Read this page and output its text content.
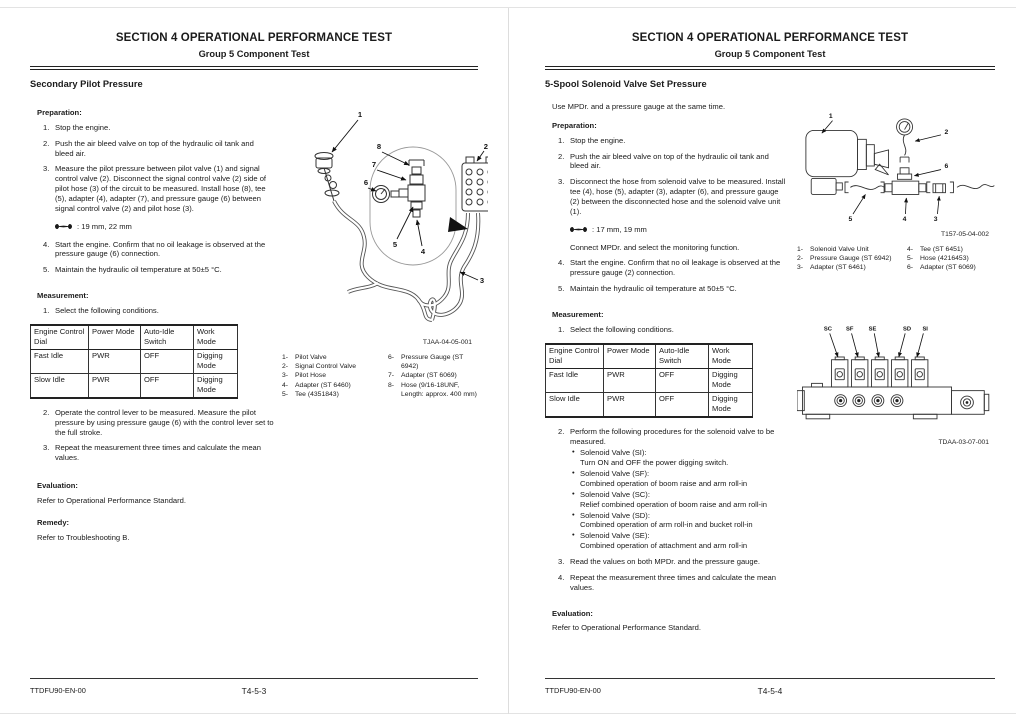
SECTION 4 OPERATIONAL PERFORMANCE TEST
Group 5 Component Test
Secondary Pilot Pressure
Preparation:
Stop the engine.
Push the air bleed valve on top of the hydraulic oil tank and bleed air.
Measure the pilot pressure between pilot valve (1) and signal control valve (2). Disconnect the signal control valve (2) side of pilot hose (3) of the circuit to be measured. Install hose (8), tee (5), adapter (4), adapter (7), and pressure gauge (6) between signal control valve (2) and pilot hose (3).
: 19 mm, 22 mm
Start the engine. Confirm that no oil leakage is observed at the pressure gauge (6) connection.
Maintain the hydraulic oil temperature at 50±5 °C.
Measurement:
Select the following conditions.
Engine Control Dial	Power Mode	Auto-Idle Switch	Work Mode
Fast Idle	PWR	OFF	Digging Mode
Slow Idle	PWR	OFF	Digging Mode
Operate the control lever to be measured. Measure the pilot pressure by using pressure gauge (6) with the control lever set to the full stroke.
Repeat the measurement three times and calculate the mean values.
Evaluation:
Refer to Operational Performance Standard.
Remedy:
Refer to Troubleshooting B.
1
8
7
6
2
5
4
3
TJAA-04-05-001
1-	Pilot Valve
2-	Signal Control Valve
3-	Pilot Hose
4-	Adapter (ST 6460)
5-	Tee (4351843)
6-	Pressure Gauge (ST 6942)
7-	Adapter (ST 6069)
8-	Hose (9/16-18UNF, Length: approx. 400 mm)
TTDFU90-EN-00	T4-5-3
SECTION 4 OPERATIONAL PERFORMANCE TEST
Group 5 Component Test
5-Spool Solenoid Valve Set Pressure
Use MPDr. and a pressure gauge at the same time.
Preparation:
Stop the engine.
Push the air bleed valve on top of the hydraulic oil tank and bleed air.
Disconnect the hose from solenoid valve to be measured. Install tee (4), hose (5), adapter (3), adapter (6), and pressure gauge (2) between the disconnected hose and the solenoid valve unit (1).
: 17 mm, 19 mm
Connect MPDr. and select the monitoring function.
Start the engine. Confirm that no oil leakage is observed at the pressure gauge (2) connection.
Maintain the hydraulic oil temperature at 50±5 °C.
Measurement:
Select the following conditions.
Engine Control Dial	Power Mode	Auto-Idle Switch	Work Mode
Fast Idle	PWR	OFF	Digging Mode
Slow Idle	PWR	OFF	Digging Mode
Perform the following procedures for the solenoid valve to be measured.
• Solenoid Valve (SI):
Turn ON and OFF the power digging switch.
• Solenoid Valve (SF):
Combined operation of boom raise and arm roll-in
• Solenoid Valve (SC):
Relief combined operation of boom raise and arm roll-in
• Solenoid Valve (SD):
Combined operation of arm roll-in and bucket roll-in
• Solenoid Valve (SE):
Combined operation of attachment and arm roll-in
Read the values on both MPDr. and the pressure gauge.
Repeat the measurement three times and calculate the mean values.
Evaluation:
Refer to Operational Performance Standard.
1
2
6
5	4	3
T157-05-04-002
1-	Solenoid Valve Unit
2-	Pressure Gauge (ST 6942)
3-	Adapter (ST 6461)
4-	Tee (ST 6451)
5-	Hose (4216453)
6-	Adapter (ST 6069)
SC SF SE	SD SI
TDAA-03-07-001
TTDFU90-EN-00	T4-5-4
